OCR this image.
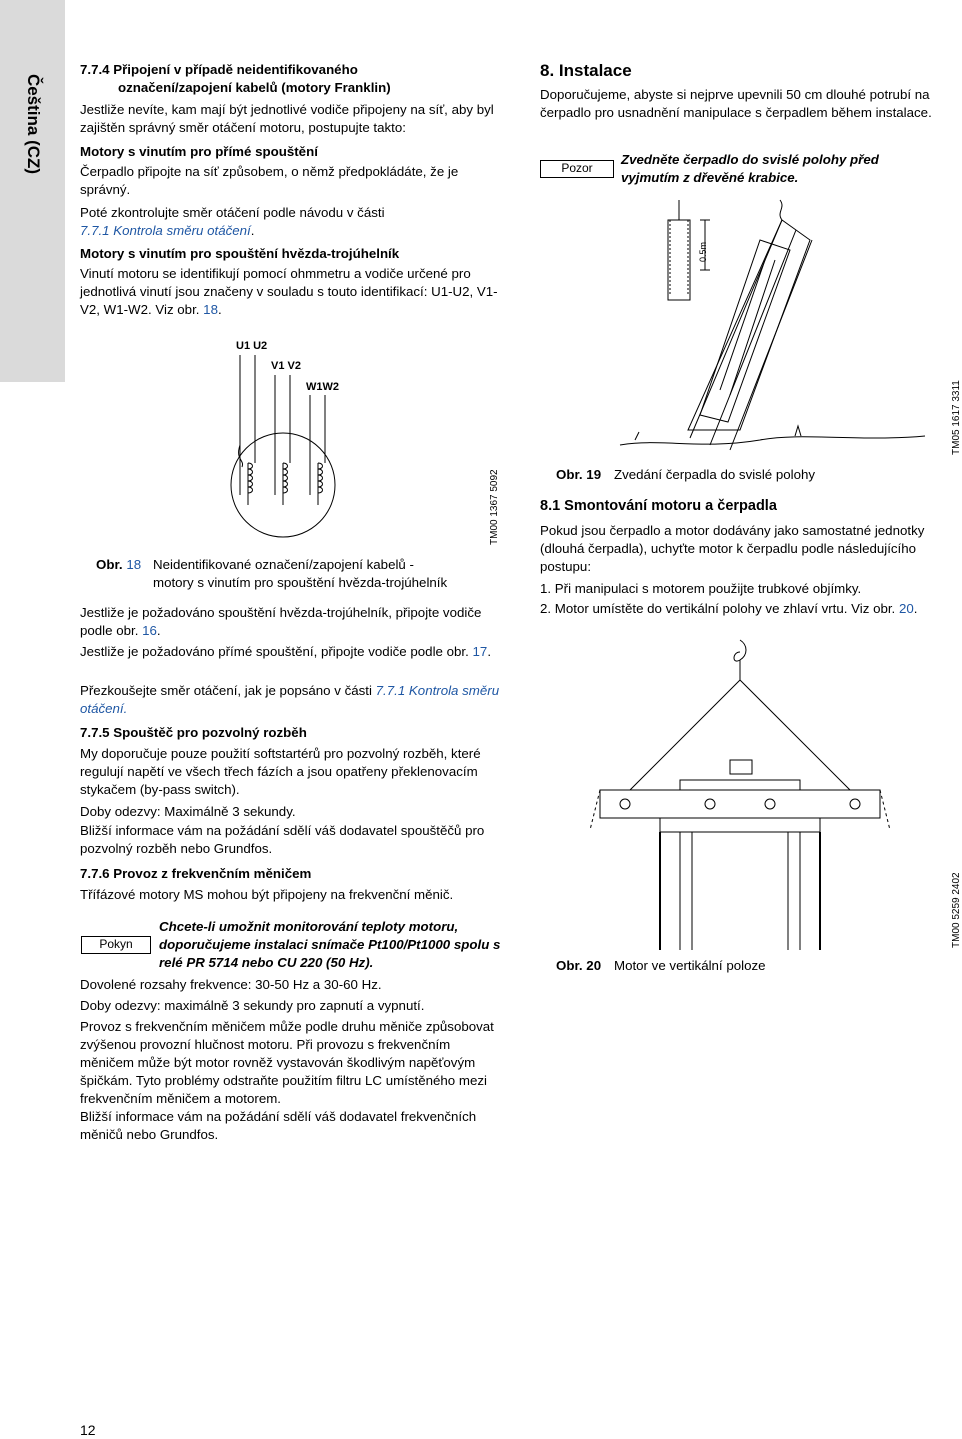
Čeština (CZ)

7.7.4 Připojení v případě neidentifikovaného

označení/zapojení kabelů (motory Franklin)

Jestliže nevíte, kam mají být jednotlivé vodiče připojeny na síť, aby byl zajištěn správný směr otáčení motoru, postupujte takto:

Motory s vinutím pro přímé spouštění

Čerpadlo připojte na síť způsobem, o němž předpokládáte, že je správný.

Poté zkontrolujte směr otáčení podle návodu v části
7.7.1 Kontrola směru otáčení.

Motory s vinutím pro spouštění hvězda-trojúhelník

Vinutí motoru se identifikují pomocí ohmmetru a vodiče určené pro jednotlivá vinutí jsou značeny v souladu s touto identifikací: U1-U2, V1-V2, W1-W2. Viz obr. 18.

U1 U2
V1 V2
W1W2
TM00 1367 5092

Obr. 18 Neidentifikované označení/zapojení kabelů -

motory s vinutím pro spouštění hvězda-trojúhelník

Jestliže je požadováno spouštění hvězda-trojúhelník, připojte vodiče podle obr. 16.

Jestliže je požadováno přímé spouštění, připojte vodiče podle obr. 17.

Přezkoušejte směr otáčení, jak je popsáno v části 7.7.1 Kontrola směru otáčení.

7.7.5 Spouštěč pro pozvolný rozběh

My doporučuje pouze použití softstartérů pro pozvolný rozběh, které regulují napětí ve všech třech fázích a jsou opatřeny překlenovacím stykačem (by-pass switch).

Doby odezvy: Maximálně 3 sekundy.

Bližší informace vám na požádání sdělí váš dodavatel spouštěčů pro pozvolný rozběh nebo Grundfos.

7.7.6 Provoz z frekvenčním měničem

Třífázové motory MS mohou být připojeny na frekvenční měnič.

Pokyn

Chcete-li umožnit monitorování teploty motoru, doporučujeme instalaci snímače Pt100/Pt1000 spolu s relé PR 5714 nebo CU 220 (50 Hz).

Dovolené rozsahy frekvence: 30-50 Hz a 30-60 Hz.

Doby odezvy: maximálně 3 sekundy pro zapnutí a vypnutí.

Provoz s frekvenčním měničem může podle druhu měniče způsobovat zvýšenou provozní hlučnost motoru. Při provozu s frekvenčním měničem může být motor rovněž vystavován škodlivým napěťovým špičkám. Tyto problémy odstraňte použitím filtru LC umístěného mezi frekvenčním měničem a motorem.

Bližší informace vám na požádání sdělí váš dodavatel frekvenčních měničů nebo Grundfos.

12

8. Instalace

Doporučujeme, abyste si nejprve upevnili 50 cm dlouhé potrubí na čerpadlo pro usnadnění manipulace s čerpadlem během instalace.

Pozor

Zvedněte čerpadlo do svislé polohy před vyjmutím z dřevěné krabice.

0.5m
TM05 1617 3311

Obr. 19 Zvedání čerpadla do svislé polohy

8.1 Smontování motoru a čerpadla

Pokud jsou čerpadlo a motor dodávány jako samostatné jednotky (dlouhá čerpadla), uchyťte motor k čerpadlu podle následujícího postupu:

1. Při manipulaci s motorem použijte trubkové objímky.

2. Motor umístěte do vertikální polohy ve zhlaví vrtu. Viz obr. 20.

TM00 5259 2402

Obr. 20 Motor ve vertikální poloze
